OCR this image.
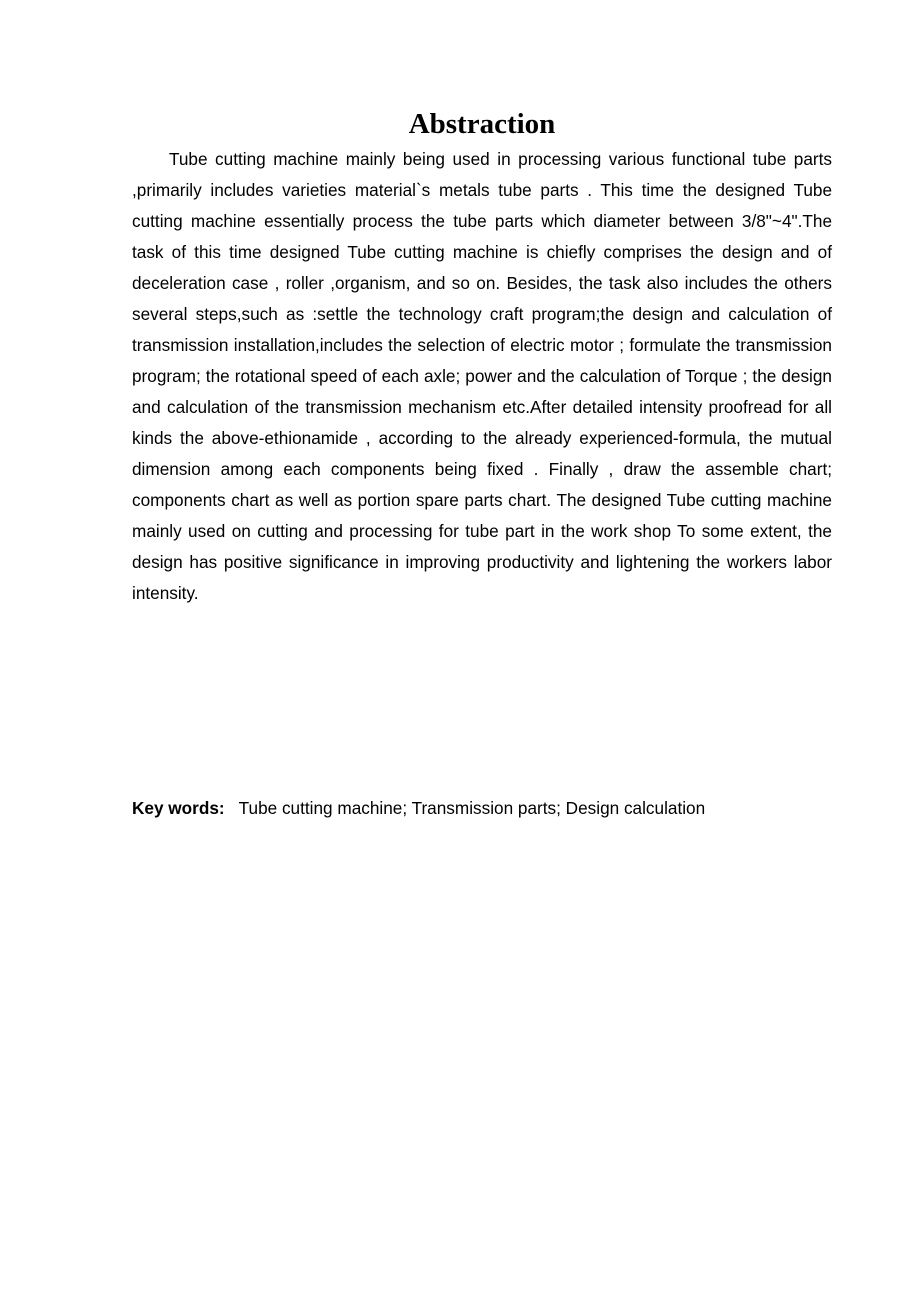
Abstraction

Tube cutting machine mainly being used in processing various functional tube parts ,primarily includes varieties material`s metals tube parts . This time the designed Tube cutting machine essentially process the tube parts which diameter between 3/8"~4".The task of this time designed Tube cutting machine is chiefly comprises the design and of deceleration case , roller ,organism, and so on. Besides, the task also includes the others several steps,such as :settle the technology craft program;the design and calculation of transmission installation,includes the selection of electric motor ; formulate the transmission program; the rotational speed of each axle; power and the calculation of Torque ; the design and calculation of the transmission mechanism etc.After detailed intensity proofread for all kinds the above-ethionamide , according to the already experienced-formula, the mutual dimension among each components being fixed . Finally , draw the assemble chart; components chart as well as portion spare parts chart. The designed Tube cutting machine mainly used on cutting and processing for tube part in the work shop To some extent, the design has positive significance in improving productivity and lightening the workers labor intensity.

Key words: Tube cutting machine; Transmission parts; Design calculation
